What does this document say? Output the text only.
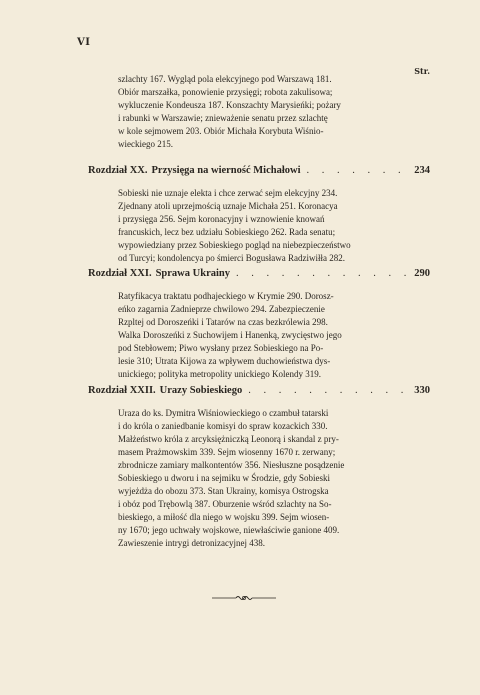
VI
Str.
szlachty 167. Wygląd pola elekcyjnego pod Warszawą 181.
Obiór marszałka, ponowienie przysięgi; robota zakulisowa;
wykluczenie Kondeusza 187. Konszachty Marysieńki; pożary
i rabunki w Warszawie; znieważenie senatu przez szlachtę
w kole sejmowem 203. Obiór Michała Korybuta Wiśnio-
wieckiego 215.
Rozdział XX. Przysięga na wierność Michałowi . . .	234
Sobieski nie uznaje elekta i chce zerwać sejm elekcyjny 234.
Zjednany atoli uprzejmością uznaje Michała 251. Koronacya
i przysięga 256. Sejm koronacyjny i wznowienie knowań
francuskich, lecz bez udziału Sobieskiego 262. Rada senatu;
wypowiedziany przez Sobieskiego pogląd na niebezpieczeństwo
od Turcyi; kondolencya po śmierci Bogusława Radziwiłła 282.
Rozdział XXI. Sprawa Ukrainy . . .	290
Ratyfikacya traktatu podhajeckiego w Krymie 290. Dorosz-
eńko zagarnia Zadnieprze chwilowo 294. Zabezpieczenie
Rzpltej od Doroszeńki i Tatarów na czas bezkrólewia 298.
Walka Doroszeńki z Suchowijem i Hanenką, zwycięstwo jego
pod Stebłowem; Piwo wysłany przez Sobieskiego na Po-
lesie 310; Utrata Kijowa za wpływem duchowieństwa dys-
unickiego; polityka metropolity unickiego Kolendy 319.
Rozdział XXII. Urazy Sobieskiego . . .	330
Uraza do ks. Dymitra Wiśniowieckiego o czambuł tatarski
i do króla o zaniedbanie komisyi do spraw kozackich 330.
Małżeństwo króla z arcyksiężniczką Leonorą i skandal z pry-
masem Prażmowskim 339. Sejm wiosenny 1670 r. zerwany;
zbrodnicze zamiary malkontentów 356. Niesłuszne posądzenie
Sobieskiego u dworu i na sejmiku w Środzie, gdy Sobieski
wyjeżdża do obozu 373. Stan Ukrainy, komisya Ostrogska
i obóz pod Trębowlą 387. Oburzenie wśród szlachty na So-
bieskiego, a miłość dla niego w wojsku 399. Sejm wiosen-
ny 1670; jego uchwały wojskowe, niewłaściwie ganione 409.
Zawieszenie intrygi detronizacyjnej 438.
